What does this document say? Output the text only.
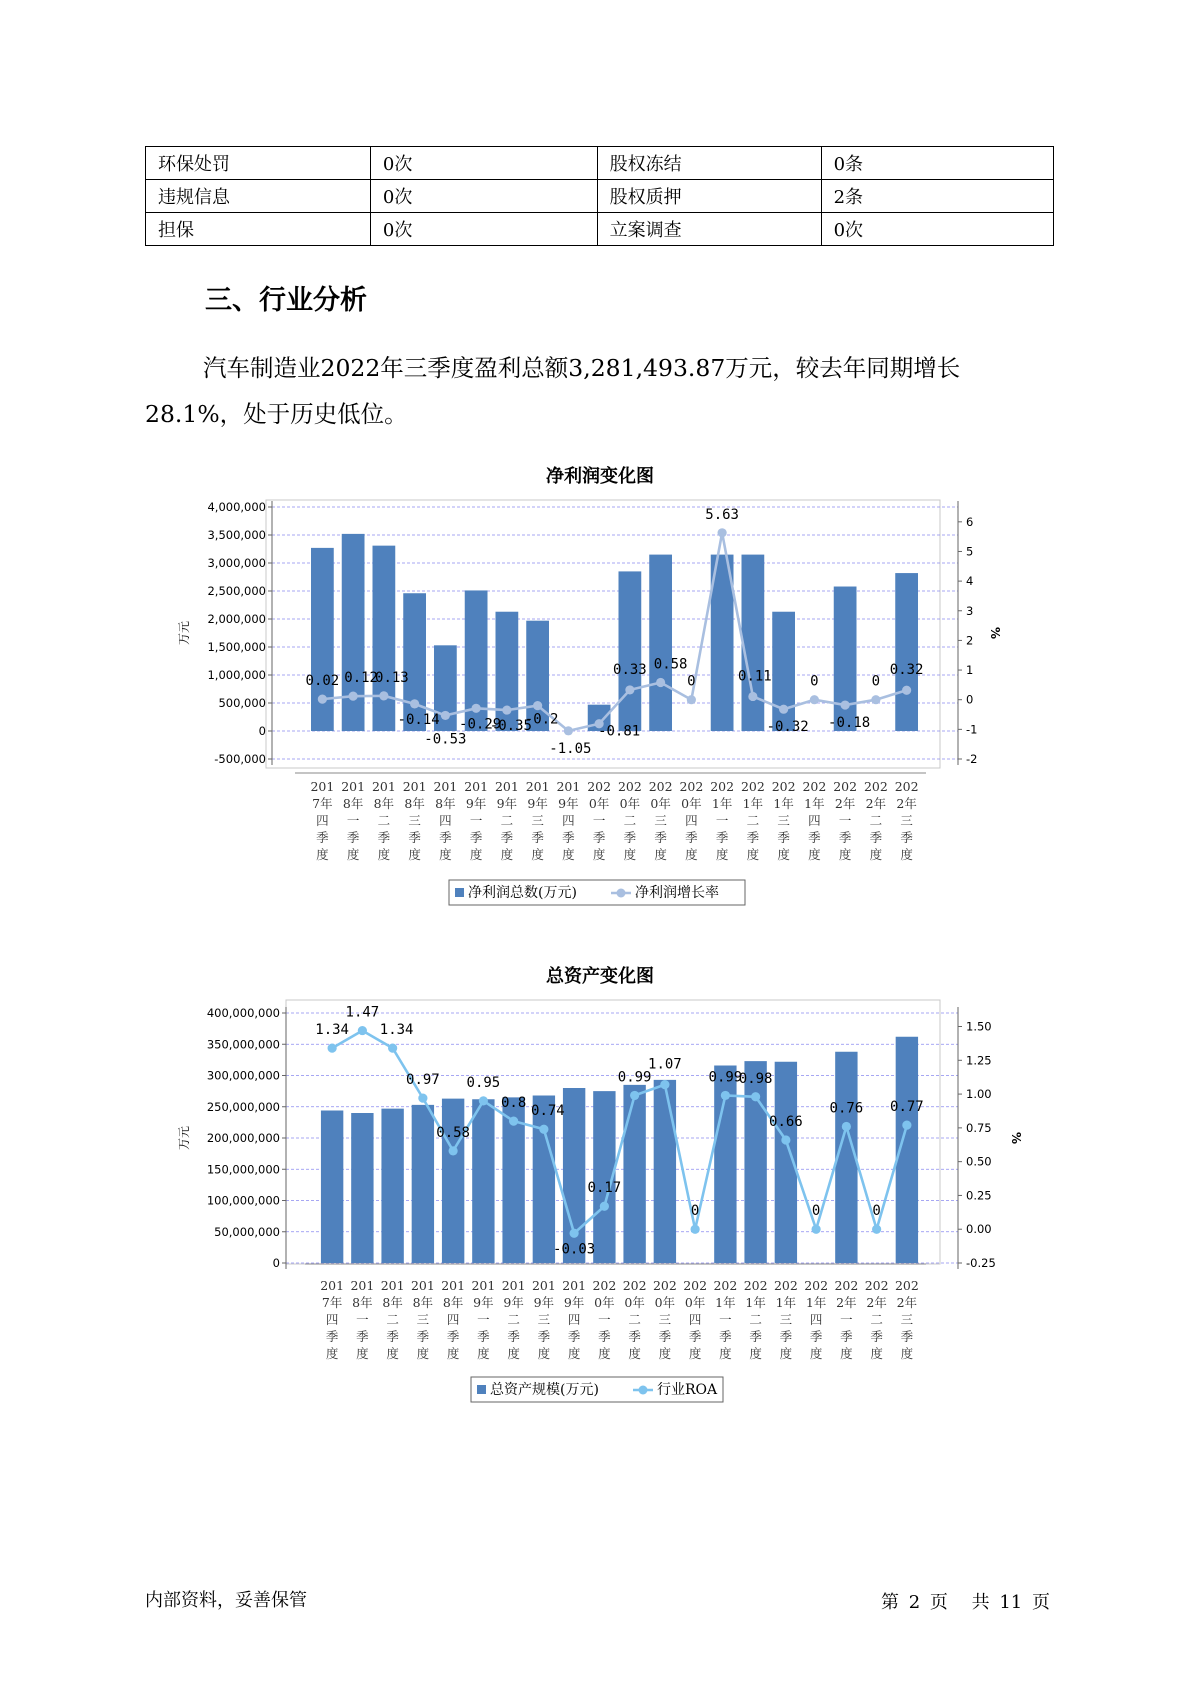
环保处罚	0次	股权冻结	0条
违规信息	0次	股权质押	2条
担保	0次	立案调查	0次
三、行业分析
汽车制造业2022年三季度盈利总额3,281,493.87万元，较去年同期增长28.1%，处于历史低位。
净利润变化图
4,000,000
3,500,000
3,000,000
2,500,000
2,000,000
1,500,000
1,000,000
500,000
0
-500,000
6
5
4
3
2
1
0
-1
-2
万元	%
0.02 0.12
0.13
-0.14
-0.53
-0.29
-0.35
-0.2
-1.05
-0.81
0.33 0.58
0
5.63
0.11
-0.32
0
-0.18
0
0.32
201
7年
四
季
度
201
8年
一
季
度
201
8年
二
季
度
201
8年
三
季
度
201
8年
四
季
度
201
9年
一
季
度
201
9年
二
季
度
201
9年
三
季
度
201
9年
四
季
度
202
0年
一
季
度
202
0年
二
季
度
202
0年
三
季
度
202
0年
四
季
度
202
1年
一
季
度
202
1年
二
季
度
202
1年
三
季
度
202
1年
四
季
度
202
2年
一
季
度
202
2年
二
季
度
202
2年
三
季
度
净利润总数(万元)	净利润增长率
总资产变化图
400,000,000
350,000,000
300,000,000
250,000,000
200,000,000
150,000,000
100,000,000
50,000,000
0
1.50
1.25
1.00
0.75
0.50
0.25
0.00
-0.25
万元	%
1.34
1.47
1.34
0.97
0.58
0.95
0.8
0.74
-0.03
0.17
0.99
1.07
0
0.99
0.98
0.66
0
0.76
0
0.77
201
7年
四
季
度
201
8年
一
季
度
201
8年
二
季
度
201
8年
三
季
度
201
8年
四
季
度
201
9年
一
季
度
201
9年
二
季
度
201
9年
三
季
度
201
9年
四
季
度
202
0年
一
季
度
202
0年
二
季
度
202
0年
三
季
度
202
0年
四
季
度
202
1年
一
季
度
202
1年
二
季
度
202
1年
三
季
度
202
1年
四
季
度
202
2年
一
季
度
202
2年
二
季
度
202
2年
三
季
度
总资产规模(万元)	行业ROA
内部资料，妥善保管	第 2 页 共 11 页
